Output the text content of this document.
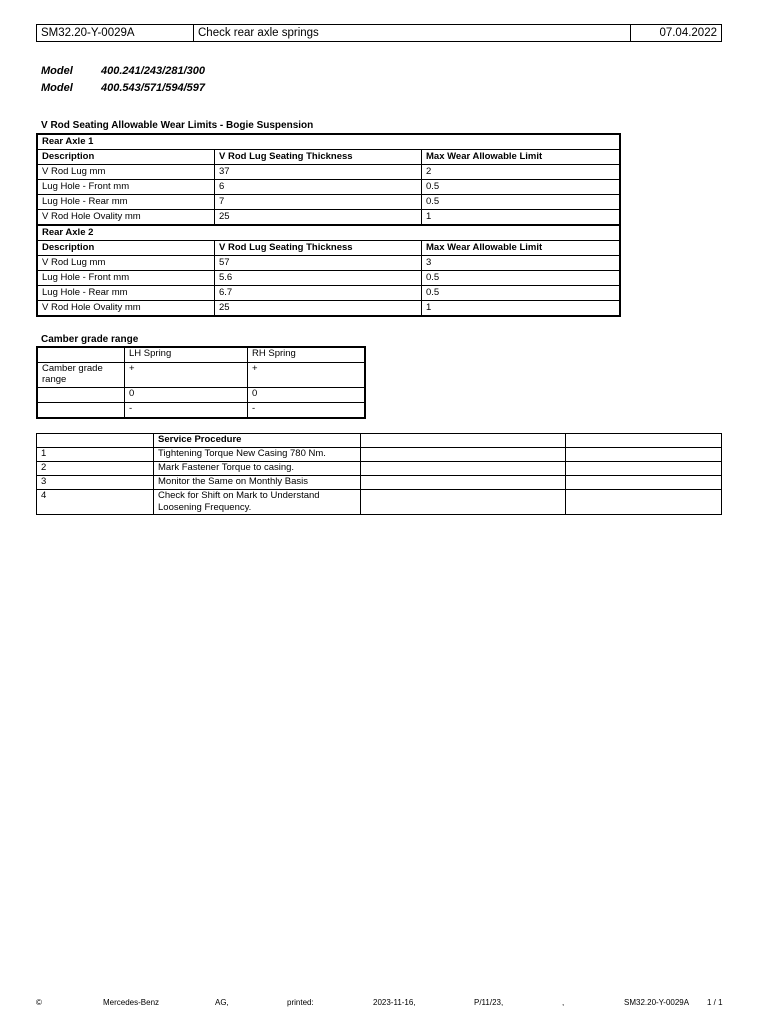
SM32.20-Y-0029A	Check rear axle springs	07.04.2022
Model	400.241/243/281/300
Model	400.543/571/594/597
V Rod Seating Allowable Wear Limits - Bogie Suspension
Rear Axle 1		
Description	V Rod Lug Seating Thickness	Max Wear Allowable Limit
V Rod Lug mm	37	2
Lug Hole - Front mm	6	0.5
Lug Hole - Rear mm	7	0.5
V Rod Hole Ovality mm	25	1
Rear Axle 2		
Description	V Rod Lug Seating Thickness	Max Wear Allowable Limit
V Rod Lug mm	57	3
Lug Hole - Front mm	5.6	0.5
Lug Hole - Rear mm	6.7	0.5
V Rod Hole Ovality mm	25	1
Camber grade range
	LH Spring	RH Spring
Camber grade range	+	+
	0	0
	-	-
	Service Procedure		
1	Tightening Torque New Casing 780 Nm.		
2	Mark Fastener Torque to casing.		
3	Monitor the Same on Monthly Basis		
4	Check for Shift on Mark to Understand Loosening Frequency.		
©	Mercedes-Benz	AG,	printed:	2023-11-16,	P/11/23,	,	SM32.20-Y-0029A 1 / 1
